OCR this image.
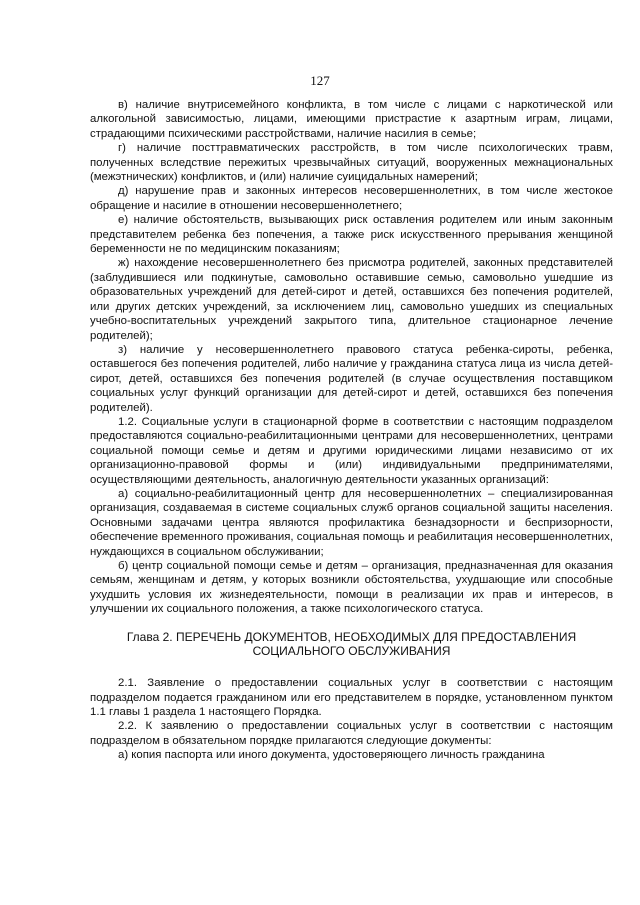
127

в) наличие внутрисемейного конфликта, в том числе с лицами с наркотической или алкогольной зависимостью, лицами, имеющими пристрастие к азартным играм, лицами, страдающими психическими расстройствами, наличие насилия в семье;

г) наличие посттравматических расстройств, в том числе психологических травм, полученных вследствие пережитых чрезвычайных ситуаций, вооруженных межнациональных (межэтнических) конфликтов, и (или) наличие суицидальных намерений;

д) нарушение прав и законных интересов несовершеннолетних, в том числе жестокое обращение и насилие в отношении несовершеннолетнего;

е) наличие обстоятельств, вызывающих риск оставления родителем или иным законным представителем ребенка без попечения, а также риск искусственного прерывания женщиной беременности не по медицинским показаниям;

ж) нахождение несовершеннолетнего без присмотра родителей, законных представителей (заблудившиеся или подкинутые, самовольно оставившие семью, самовольно ушедшие из образовательных учреждений для детей-сирот и детей, оставшихся без попечения родителей, или других детских учреждений, за исключением лиц, самовольно ушедших из специальных учебно-воспитательных учреждений закрытого типа, длительное стационарное лечение родителей);

з) наличие у несовершеннолетнего правового статуса ребенка-сироты, ребенка, оставшегося без попечения родителей, либо наличие у гражданина статуса лица из числа детей-сирот, детей, оставшихся без попечения родителей (в случае осуществления поставщиком социальных услуг функций организации для детей-сирот и детей, оставшихся без попечения родителей).

1.2. Социальные услуги в стационарной форме в соответствии с настоящим подразделом предоставляются социально-реабилитационными центрами для несовершеннолетних, центрами социальной помощи семье и детям и другими юридическими лицами независимо от их организационно-правовой формы и (или) индивидуальными предпринимателями, осуществляющими деятельность, аналогичную деятельности указанных организаций:

а) социально-реабилитационный центр для несовершеннолетних – специализированная организация, создаваемая в системе социальных служб органов социальной защиты населения. Основными задачами центра являются профилактика безнадзорности и беспризорности, обеспечение временного проживания, социальная помощь и реабилитация несовершеннолетних, нуждающихся в социальном обслуживании;

б) центр социальной помощи семье и детям – организация, предназначенная для оказания семьям, женщинам и детям, у которых возникли обстоятельства, ухудшающие или способные ухудшить условия их жизнедеятельности, помощи в реализации их прав и интересов, в улучшении их социального положения, а также психологического статуса.

Глава 2. ПЕРЕЧЕНЬ ДОКУМЕНТОВ, НЕОБХОДИМЫХ ДЛЯ ПРЕДОСТАВЛЕНИЯ
СОЦИАЛЬНОГО ОБСЛУЖИВАНИЯ

2.1. Заявление о предоставлении социальных услуг в соответствии с настоящим подразделом подается гражданином или его представителем в порядке, установленном пунктом 1.1 главы 1 раздела 1 настоящего Порядка.

2.2. К заявлению о предоставлении социальных услуг в соответствии с настоящим подразделом в обязательном порядке прилагаются следующие документы:

а) копия паспорта или иного документа, удостоверяющего личность гражданина
